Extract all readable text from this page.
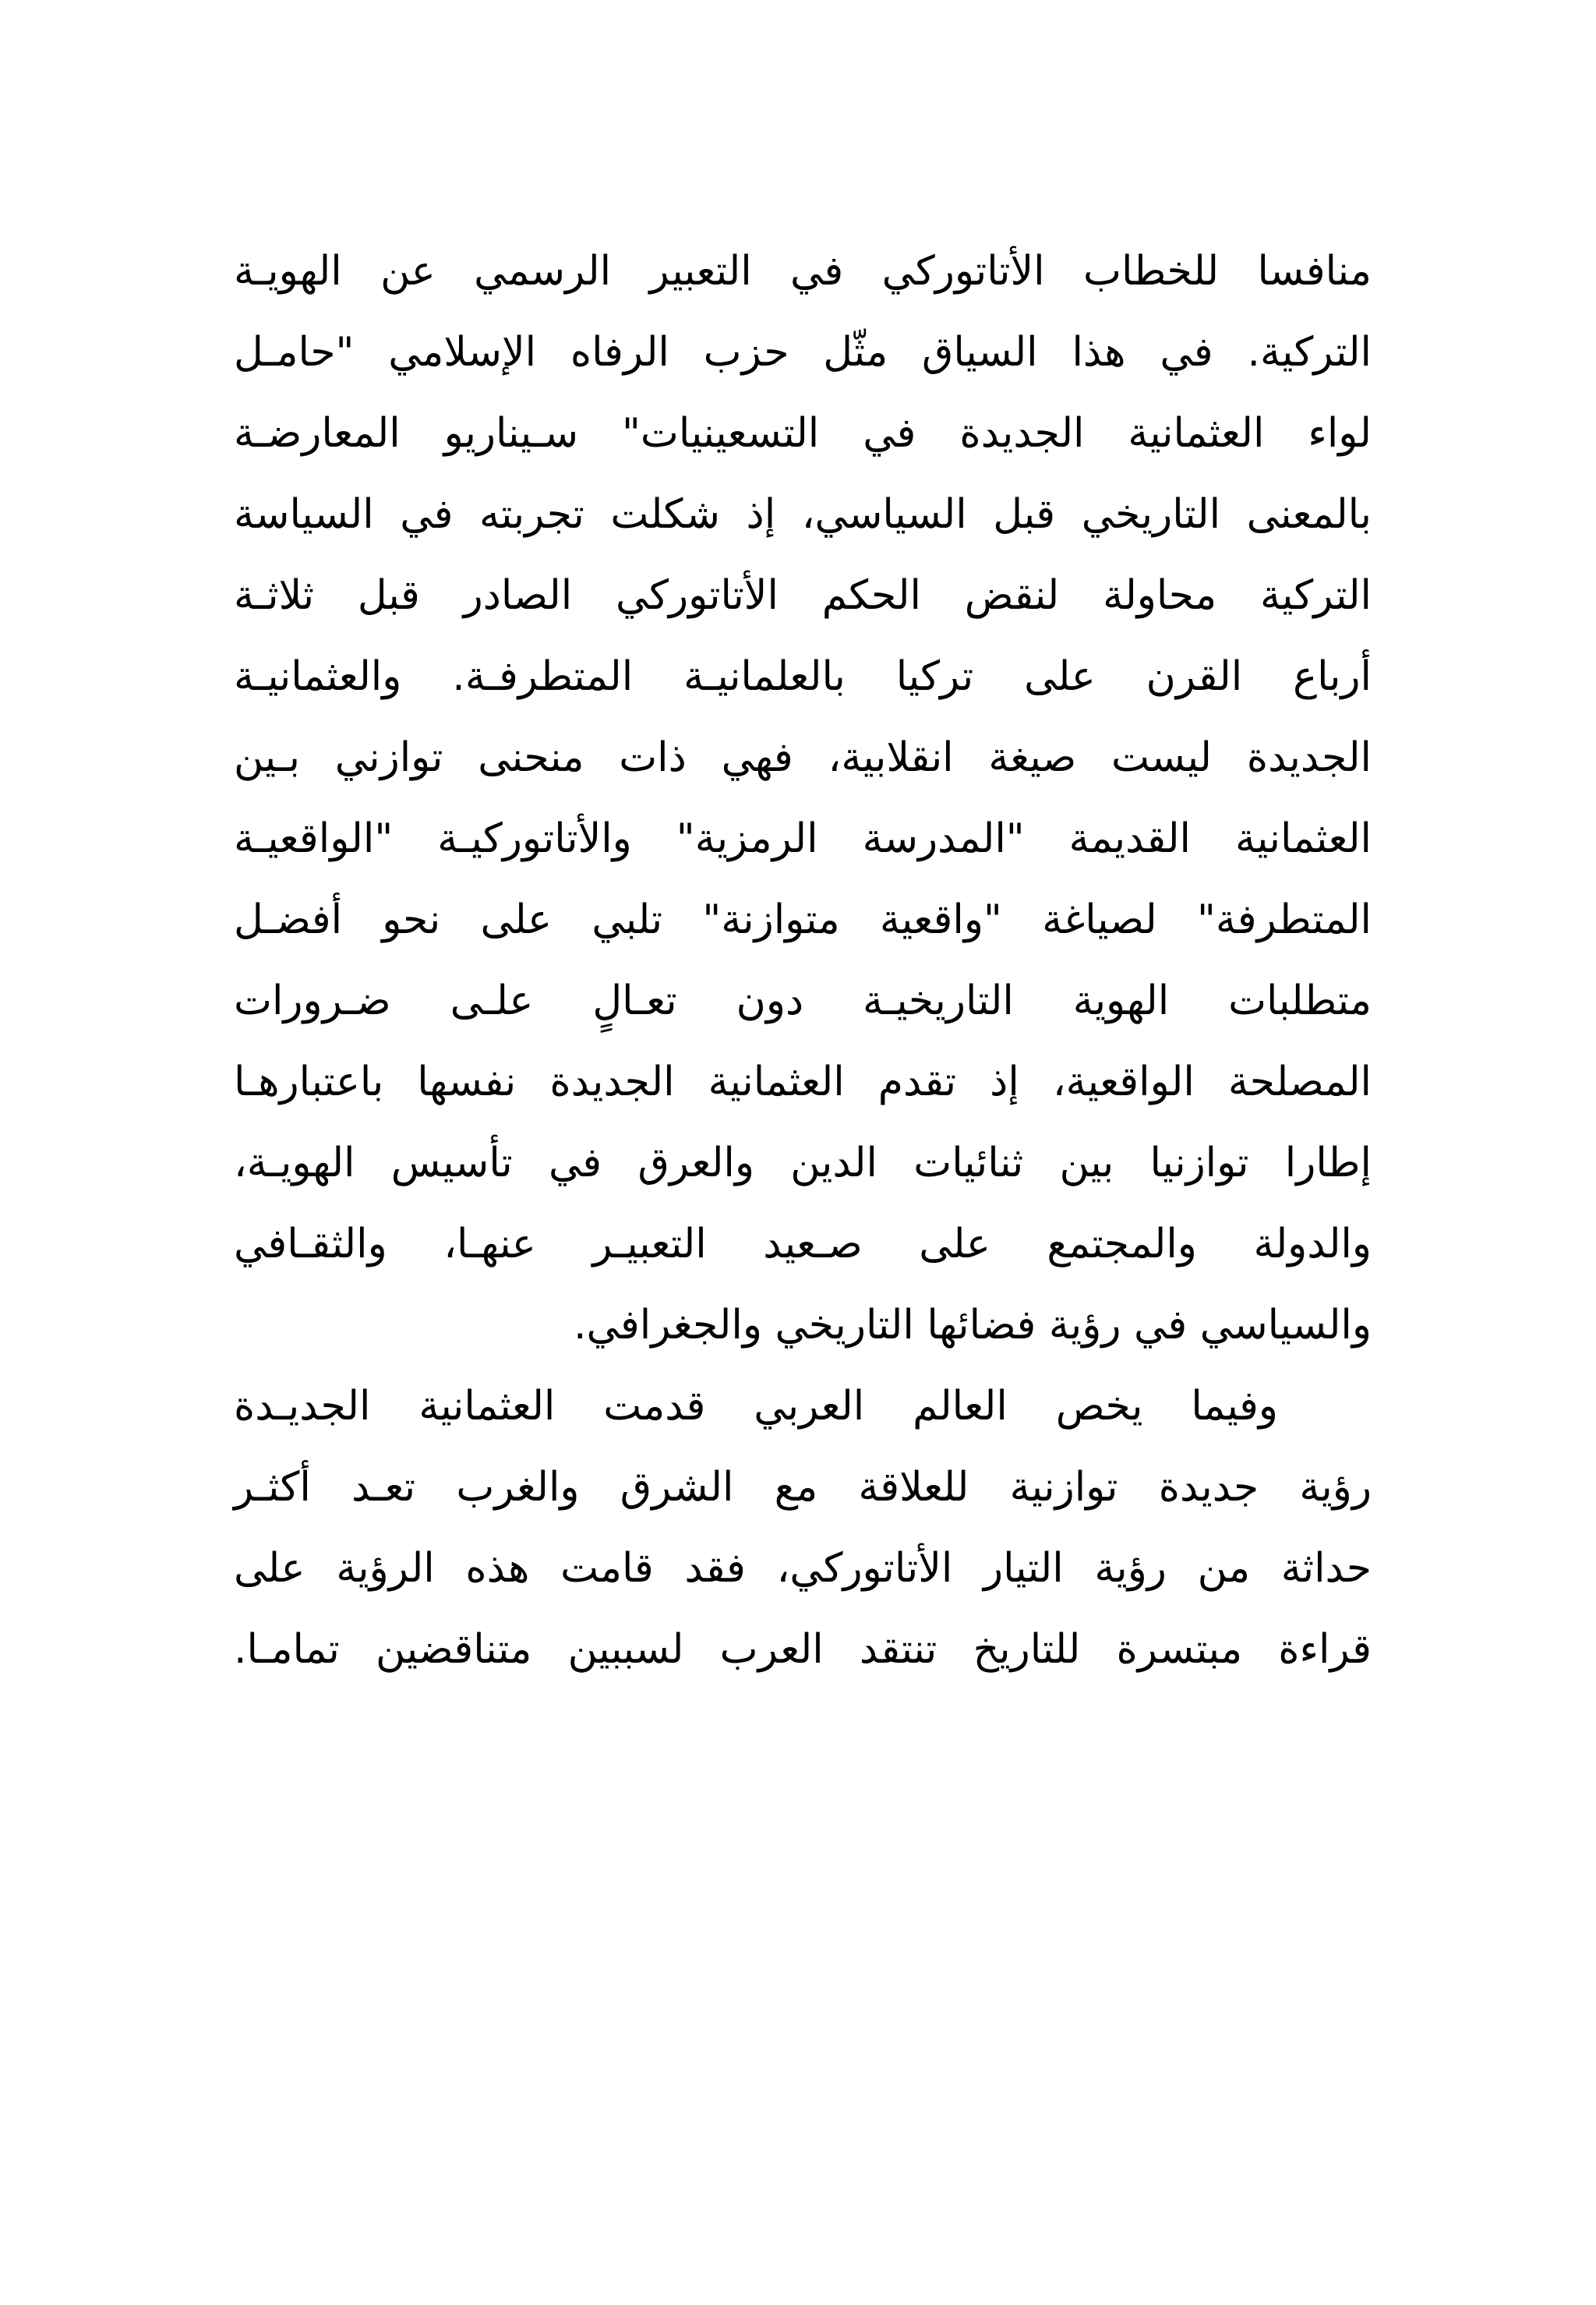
منافسا للخطاب الأتاتوركي في التعبير الرسمي عن الهويـة
التركية. في هذا السياق مثّل حزب الرفاه الإسلامي "حامـل
لواء العثمانية الجديدة في التسعينيات" سـيناريو المعارضـة
بالمعنى التاريخي قبل السياسي، إذ شكلت تجربته في السياسة
التركية محاولة لنقض الحكم الأتاتوركي الصادر قبل ثلاثـة
أرباع القرن على تركيا بالعلمانيـة المتطرفـة. والعثمانيـة
الجديدة ليست صيغة انقلابية، فهي ذات منحنى توازني بـين
العثمانية القديمة "المدرسة الرمزية" والأتاتوركيـة "الواقعيـة
المتطرفة" لصياغة "واقعية متوازنة" تلبي على نحو أفضـل
متطلبات الهوية التاريخيـة دون تعـالٍ علـى ضـرورات
المصلحة الواقعية، إذ تقدم العثمانية الجديدة نفسها باعتبارهـا
إطارا توازنيا بين ثنائيات الدين والعرق في تأسيس الهويـة،
والدولة والمجتمع على صـعيد التعبيـر عنهـا، والثقـافي
والسياسي في رؤية فضائها التاريخي والجغرافي.
وفيما يخص العالم العربي قدمت العثمانية الجديـدة
رؤية جديدة توازنية للعلاقة مع الشرق والغرب تعـد أكثـر
حداثة من رؤية التيار الأتاتوركي، فقد قامت هذه الرؤية على
قراءة مبتسرة للتاريخ تنتقد العرب لسببين متناقضين تمامـا.
